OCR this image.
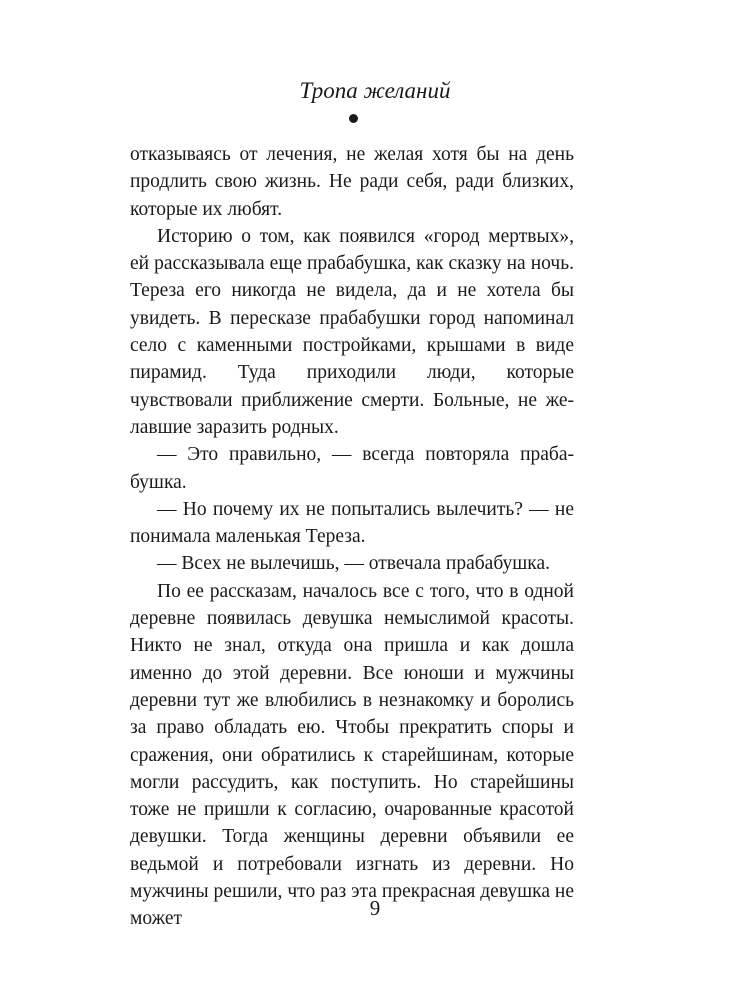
Тропа желаний

отказываясь от лечения, не желая хотя бы на день продлить свою жизнь. Не ради себя, ради близких, которые их любят.

Историю о том, как появился «город мертвых», ей рассказывала еще прабабушка, как сказку на ночь. Тереза его никогда не видела, да и не хотела бы увидеть. В пересказе прабабушки город напоминал село с каменными постройками, крышами в виде пирамид. Туда приходили люди, которые чувствовали приближение смерти. Больные, не желавшие заразить родных.

— Это правильно, — всегда повторяла прабабушка.

— Но почему их не попытались вылечить? — не понимала маленькая Тереза.

— Всех не вылечишь, — отвечала прабабушка.

По ее рассказам, началось все с того, что в одной деревне появилась девушка немыслимой красоты. Никто не знал, откуда она пришла и как дошла именно до этой деревни. Все юноши и мужчины деревни тут же влюбились в незнакомку и боролись за право обладать ею. Чтобы прекратить споры и сражения, они обратились к старейшинам, которые могли рассудить, как поступить. Но старейшины тоже не пришли к согласию, очарованные красотой девушки. Тогда женщины деревни объявили ее ведьмой и потребовали изгнать из деревни. Но мужчины решили, что раз эта прекрасная девушка не может	9
